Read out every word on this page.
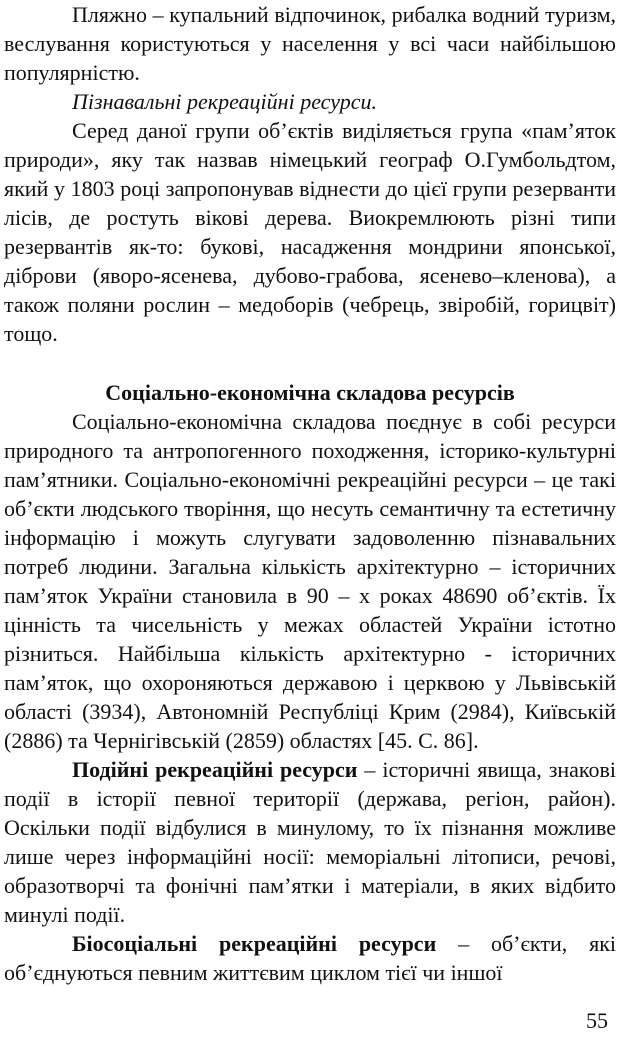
Пляжно – купальний відпочинок, рибалка водний туризм, веслування користуються у населення у всі часи найбільшою популярністю.

Пізнавальні рекреаційні ресурси.

Серед даної групи об’єктів виділяється група «пам’яток природи», яку так назвав німецький географ О.Гумбольдтом, який у 1803 році запропонував віднести до цієї групи резерванти лісів, де ростуть вікові дерева. Виокремлюють різні типи резервантів як-то: букові, насадження мондрини японської, діброви (яворо-ясенева, дубово-грабова, ясенево–кленова), а також поляни рослин – медоборів (чебрець, звіробій, горицвіт) тощо.

Соціально-економічна складова ресурсів

Соціально-економічна складова поєднує в собі ресурси природного та антропогенного походження, історико-культурні пам’ятники. Соціально-економічні рекреаційні ресурси – це такі об’єкти людського творіння, що несуть семантичну та естетичну інформацію і можуть слугувати задоволенню пізнавальних потреб людини. Загальна кількість архітектурно – історичних пам’яток України становила в 90 – х роках 48690 об’єктів. Їх цінність та чисельність у межах областей України істотно різниться. Найбільша кількість архітектурно - історичних пам’яток, що охороняються державою і церквою у Львівській області (3934), Автономній Республіці Крим (2984), Київській (2886) та Чернігівській (2859) областях [45. С. 86].

Подійні рекреаційні ресурси – історичні явища, знакові події в історії певної території (держава, регіон, район). Оскільки події відбулися в минулому, то їх пізнання можливе лише через інформаційні носії: меморіальні літописи, речові, образотворчі та фонічні пам’ятки і матеріали, в яких відбито минулі події.

Біосоціальні рекреаційні ресурси – об’єкти, які об’єднуються певним життєвим циклом тієї чи іншої

55
